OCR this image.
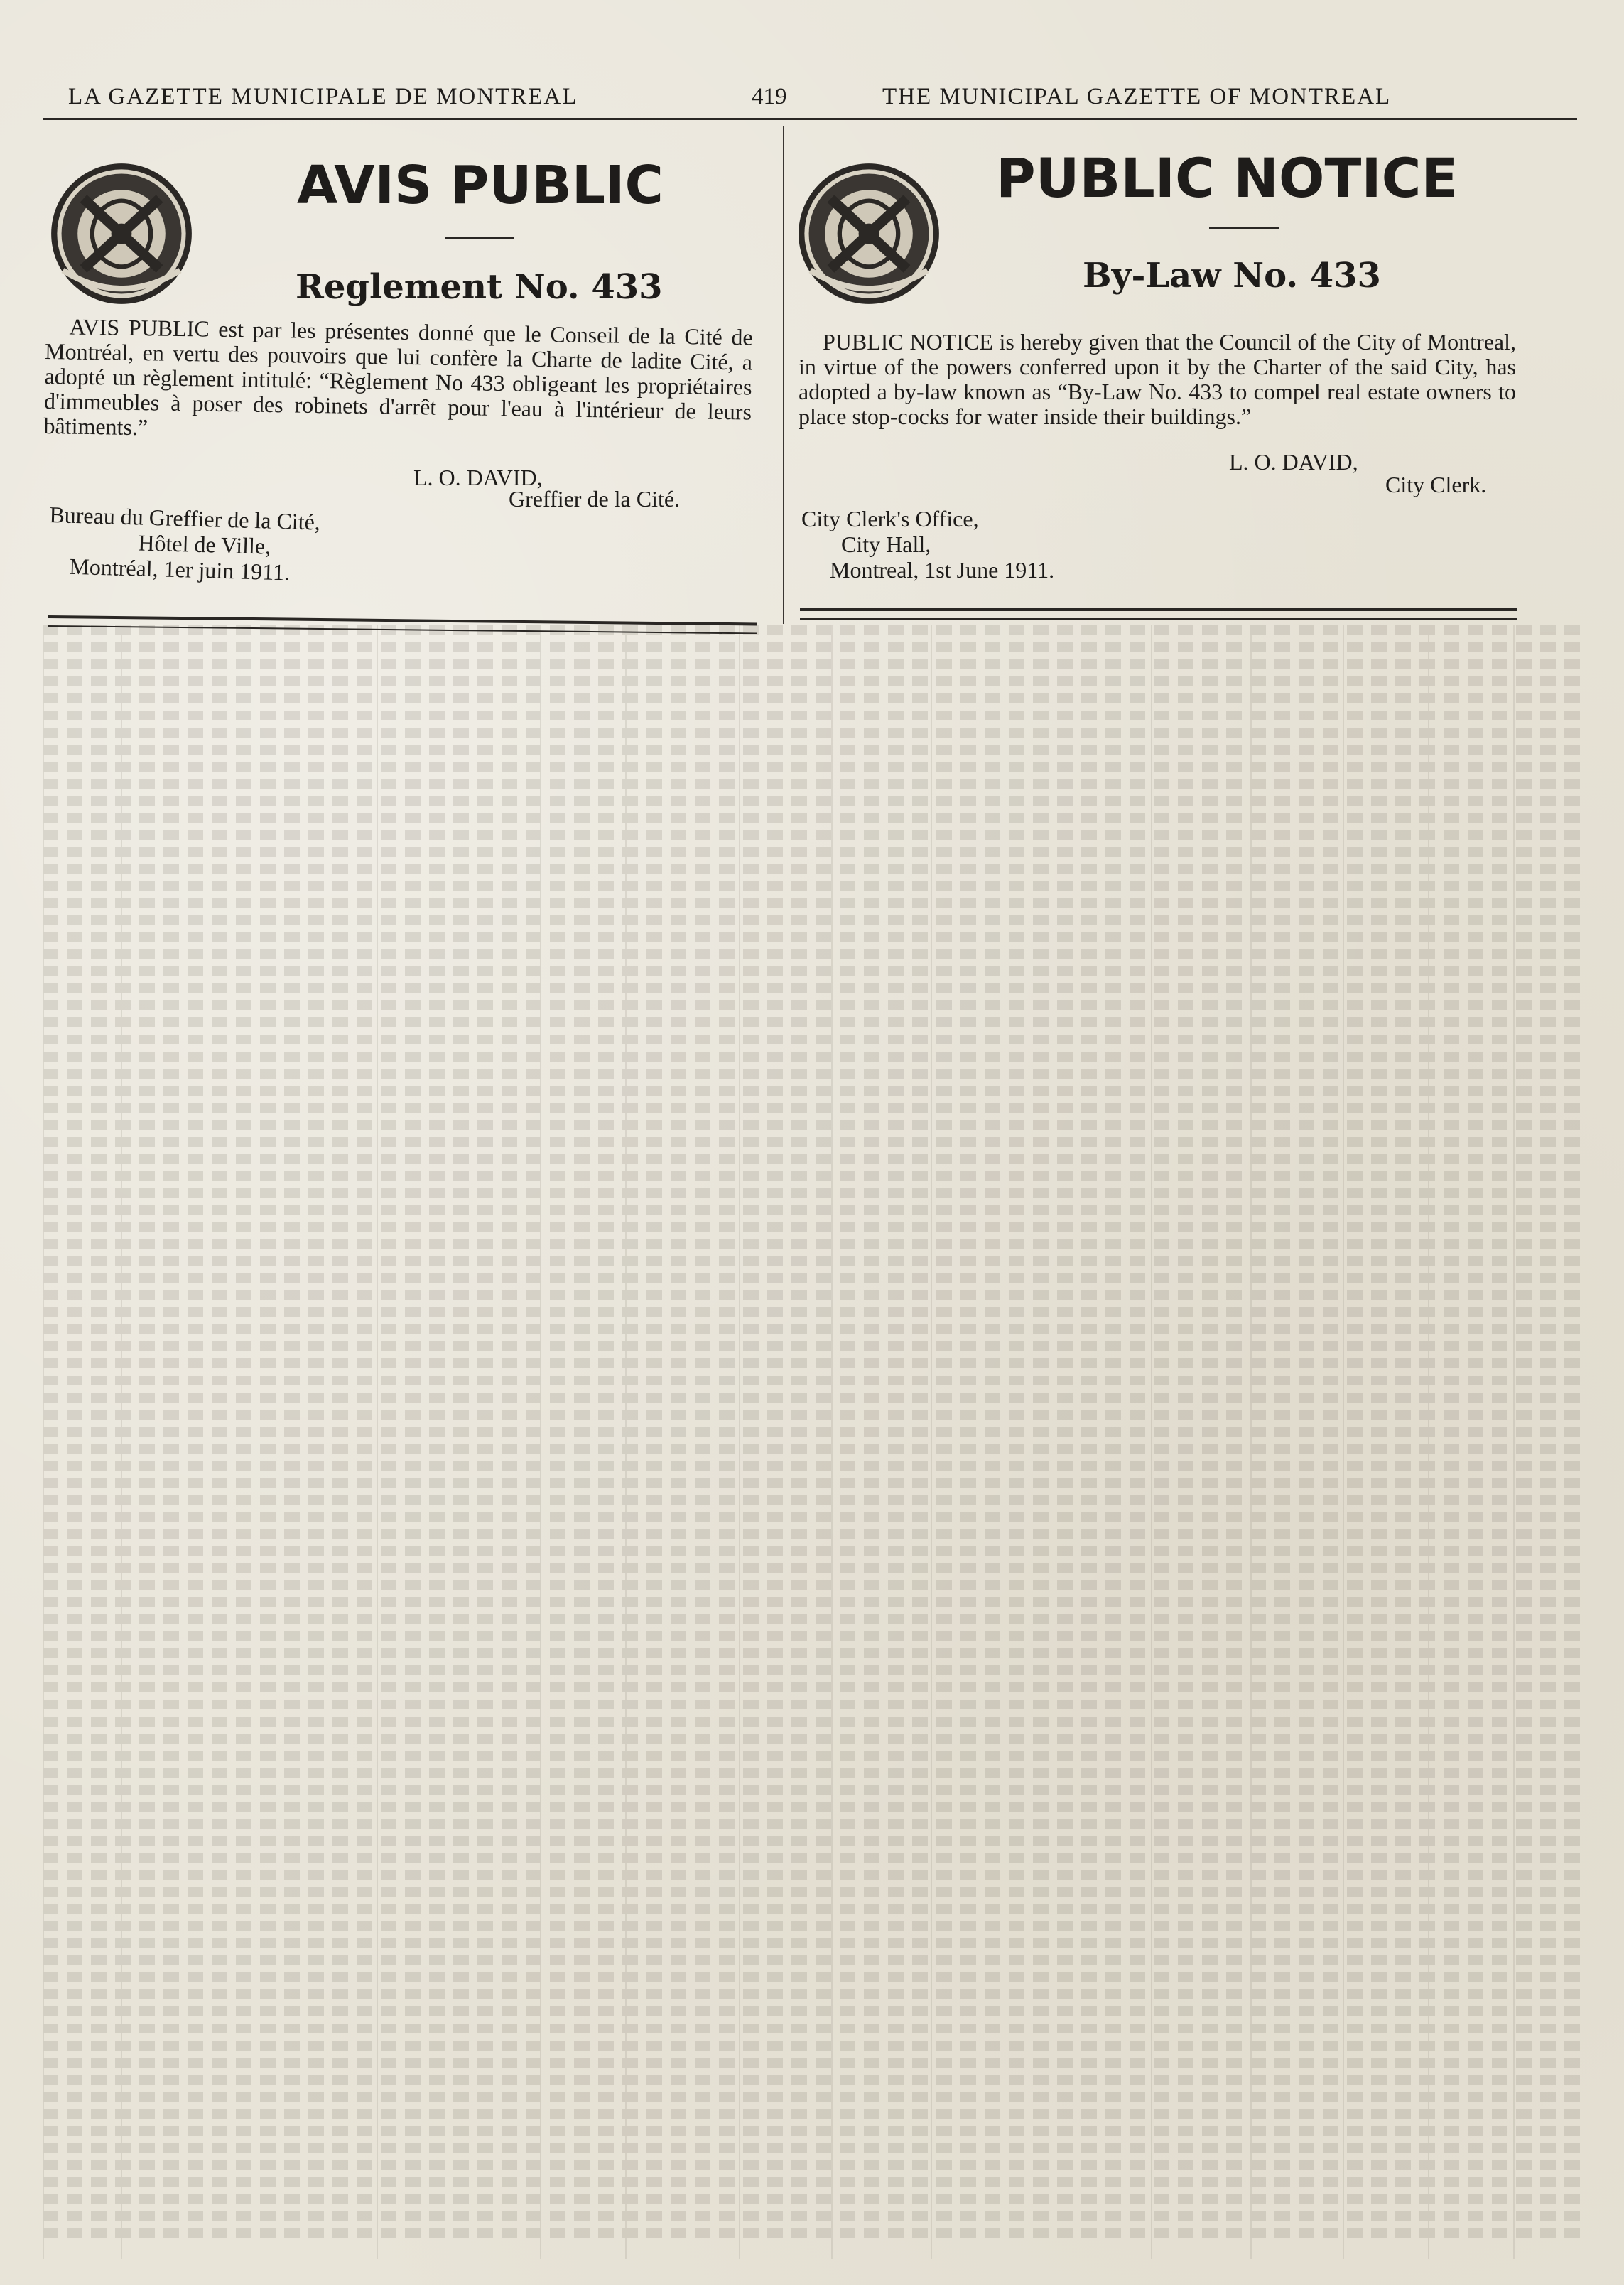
LA GAZETTE MUNICIPALE DE MONTREAL	419	THE MUNICIPAL GAZETTE OF MONTREAL
AVIS PUBLIC
Reglement No. 433

AVIS PUBLIC est par les présentes donné que le Conseil de la Cité de Montréal, en vertu des pouvoirs que lui confère la Charte de ladite Cité, a adopté un règlement intitulé: “Règlement No 433 obligeant les propriétaires d'immeubles à poser des robinets d'arrêt pour l'eau à l'intérieur de leurs bâtiments.”

L. O. DAVID,
Greffier de la Cité.
Bureau du Greffier de la Cité,
Hôtel de Ville,
Montréal, 1er juin 1911.
PUBLIC NOTICE
By-Law No. 433

PUBLIC NOTICE is hereby given that the Council of the City of Montreal, in virtue of the powers conferred upon it by the Charter of the said City, has adopted a by-law known as “By-Law No. 433 to compel real estate owners to place stop-cocks for water inside their buildings.”

L. O. DAVID,
City Clerk.
City Clerk's Office,
City Hall,
Montreal, 1st June 1911.
